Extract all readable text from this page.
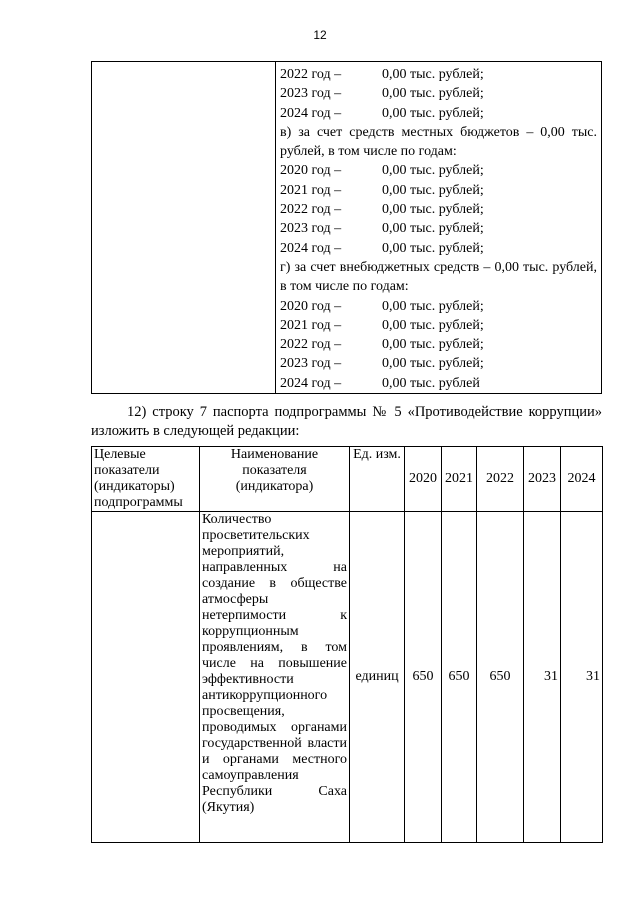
12
2022 год –	0,00 тыс. рублей;
2023 год –	0,00 тыс. рублей;
2024 год –	0,00 тыс. рублей;
в) за счет средств местных бюджетов – 0,00 тыс. рублей, в том числе по годам:
2020 год –	0,00 тыс. рублей;
2021 год –	0,00 тыс. рублей;
2022 год –	0,00 тыс. рублей;
2023 год –	0,00 тыс. рублей;
2024 год –	0,00 тыс. рублей;
г) за счет внебюджетных средств – 0,00 тыс. рублей, в том числе по годам:
2020 год –	0,00 тыс. рублей;
2021 год –	0,00 тыс. рублей;
2022 год –	0,00 тыс. рублей;
2023 год –	0,00 тыс. рублей;
2024 год –	0,00 тыс. рублей
12) строку 7 паспорта подпрограммы № 5 «Противодействие коррупции» изложить в следующей редакции:
Целевые показатели (индикаторы) подпрограммы	Наименование показателя (индикатора)	Ед. изм.	2020	2021	2022	2023	2024
	Количество просветительских мероприятий, направленных на создание в обществе атмосферы нетерпимости к коррупционным проявлениям, в том числе на повышение эффективности антикоррупционного просвещения, проводимых органами государственной власти и органами местного самоуправления Республики Саха (Якутия)	единиц	650	650	650	31	31
